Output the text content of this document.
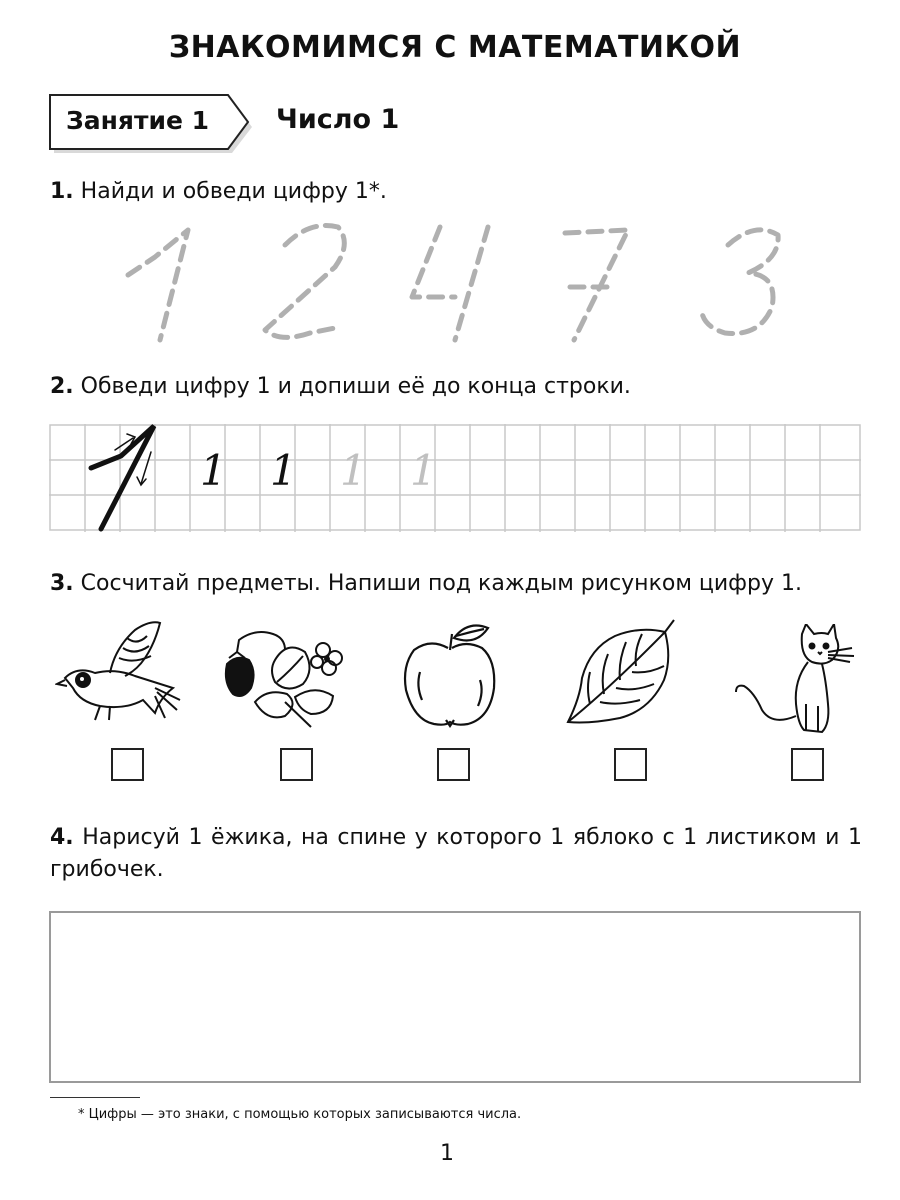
ЗНАКОМИМСЯ С МАТЕМАТИКОЙ
Занятие 1 Число 1
1. Найди и обведи цифру 1*.
2. Обведи цифру 1 и допиши её до конца строки.
1 1 1 1
3. Сосчитай предметы. Напиши под каждым рисунком цифру 1.
4. Нарисуй 1 ёжика, на спине у которого 1 яблоко с 1 листиком и 1 грибочек.
* Цифры — это знаки, с помощью которых записываются числа.
1
